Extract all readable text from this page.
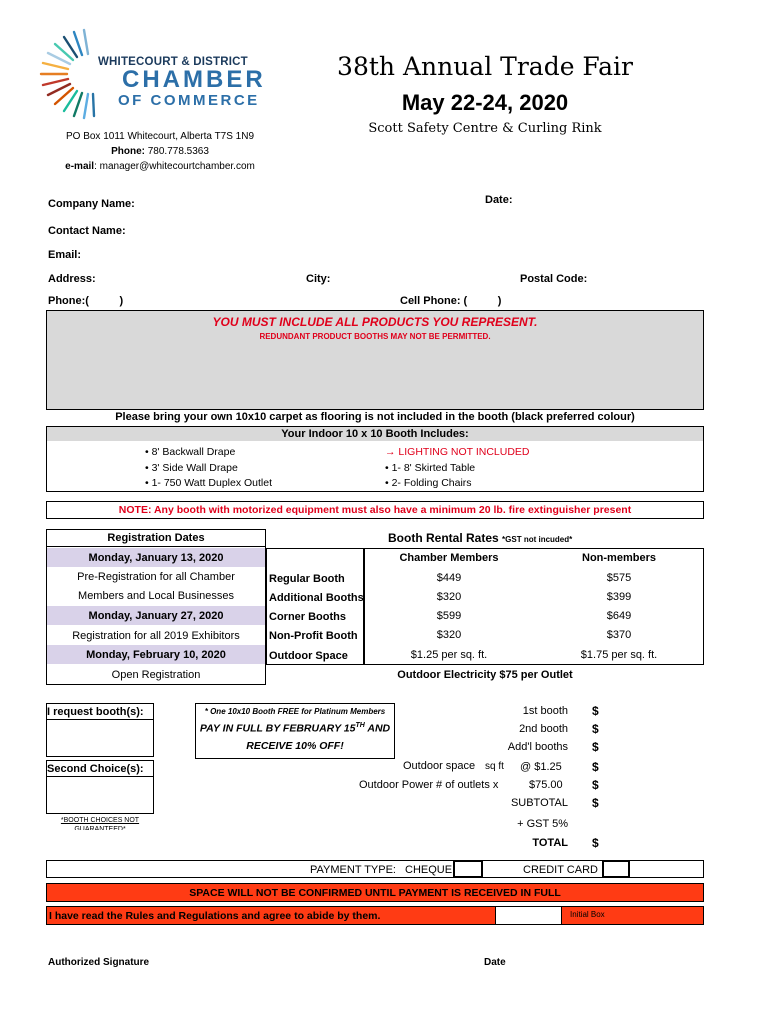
WHITECOURT & DISTRICT
CHAMBER
OF COMMERCE
PO Box 1011 Whitecourt, Alberta T7S 1N9
Phone: 780.778.5363
e-mail: manager@whitecourtchamber.com
38th Annual Trade Fair
May 22-24, 2020
Scott Safety Centre & Curling Rink
Company Name:	Date:
Contact Name:
Email:
Address:	City:	Postal Code:
Phone:(          )	Cell Phone: (          )
YOU MUST INCLUDE ALL PRODUCTS YOU REPRESENT.
REDUNDANT PRODUCT BOOTHS MAY NOT BE PERMITTED.
Please bring your own 10x10 carpet as flooring is not included in the booth (black preferred colour)
Your Indoor 10 x 10 Booth Includes:
• 8' Backwall Drape
• 3' Side Wall Drape
• 1- 750 Watt Duplex Outlet
→ LIGHTING NOT INCLUDED
• 1- 8' Skirted Table
• 2- Folding Chairs
NOTE: Any booth with motorized equipment must also have a minimum 20 lb. fire extinguisher present
Registration Dates
Monday, January 13, 2020
Pre-Registration for all Chamber
Members and Local Businesses
Monday, January 27, 2020
Registration for all 2019 Exhibitors
Monday, February 10, 2020
Open Registration
Booth Rental Rates *GST not incuded*
Chamber Members	Non-members
Regular Booth	$449	$575
Additional Booths	$320	$399
Corner Booths	$599	$649
Non-Profit Booth	$320	$370
Outdoor Space	$1.25 per sq. ft.	$1.75 per sq. ft.
Outdoor Electricity $75 per Outlet
I request booth(s):
Second Choice(s):
*BOOTH CHOICES NOT GUARANTEED*
* One 10x10 Booth FREE for Platinum Members
PAY IN FULL BY FEBRUARY 15TH AND
RECEIVE 10% OFF!
1st booth $
2nd booth $
Add'l booths $
Outdoor space sq ft @ $1.25	$
Outdoor Power # of outlets x	$75.00 $
SUBTOTAL $
+ GST 5%
TOTAL $
PAYMENT TYPE: CHEQUE	CREDIT CARD
SPACE WILL NOT BE CONFIRMED UNTIL PAYMENT IS RECEIVED IN FULL
I have read the Rules and Regulations and agree to abide by them.	Initial Box
Authorized Signature	Date
